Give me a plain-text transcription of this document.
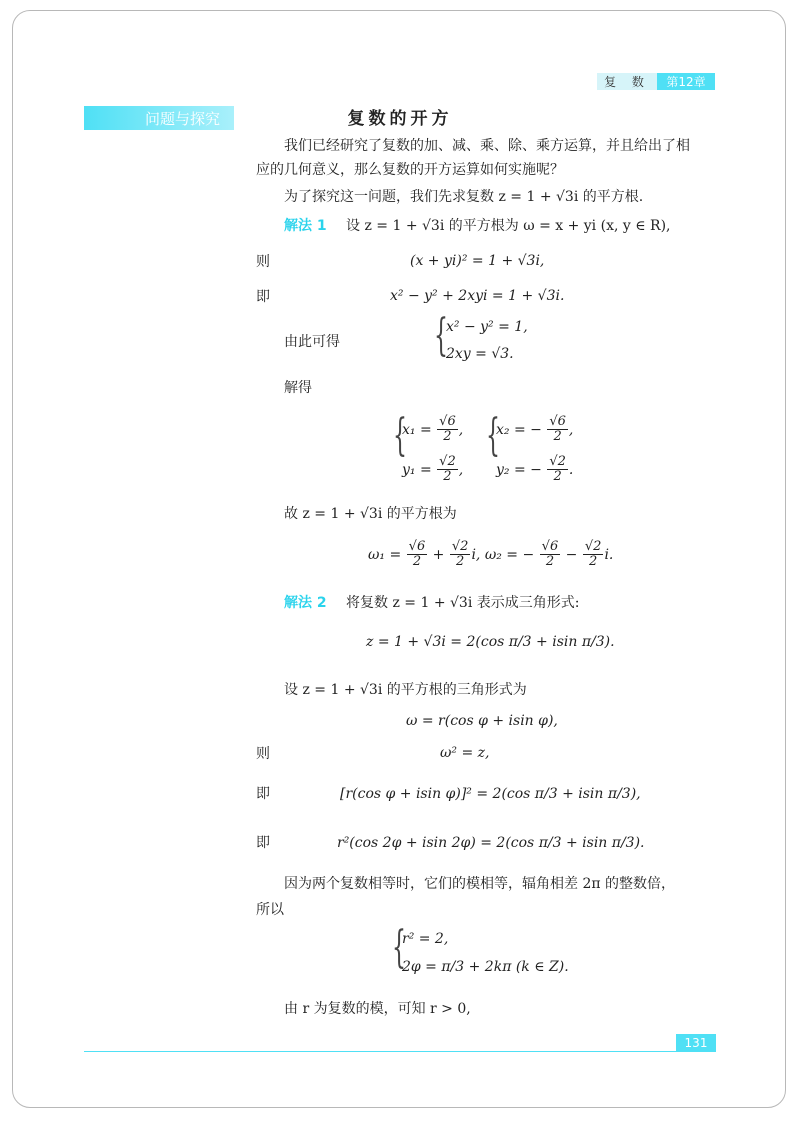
复 数	第12章
问题与探究	复数的开方
我们已经研究了复数的加、减、乘、除、乘方运算，并且给出了相
应的几何意义，那么复数的开方运算如何实施呢？
为了探究这一问题，我们先求复数 z = 1 + √3i 的平方根.
解法 1 设 z = 1 + √3i 的平方根为 ω = x + yi (x, y ∈ R),
则	(x + yi)² = 1 + √3i,
即	x² − y² + 2xyi = 1 + √3i.
由此可得 {
x² − y² = 1,
2xy = √3.
解得
{
$x_1 = \frac{√6}{2}$ ,
$y_1 = \frac{√2}{2}$ ,
{
x₂ = − $\frac{√6}{2}$ ,
y₂ = − $\frac{√2}{2}$ .
故 z = 1 + √3i 的平方根为
$\omega_1 = \frac{√6}{2} + \frac{√2}{2} i$, ω₂ = − $\frac{√6}{2} - \frac{√2}{2} i$.
解法 2 将复数 z = 1 + √3i 表示成三角形式:
z = 1 + √3i = 2(cos π/3 + isin π/3).
设 z = 1 + √3i 的平方根的三角形式为
ω = r(cos φ + isin φ),
则	ω² = z,
即	[r(cos φ + isin φ)]² = 2(cos π/3 + isin π/3),
即	r²(cos 2φ + isin 2φ) = 2(cos π/3 + isin π/3).
因为两个复数相等时，它们的模相等，辐角相差 2π 的整数倍，
所以
{
r² = 2,
2φ = π/3 + 2kπ (k ∈ Z).
由 r 为复数的模，可知 r > 0,
131
